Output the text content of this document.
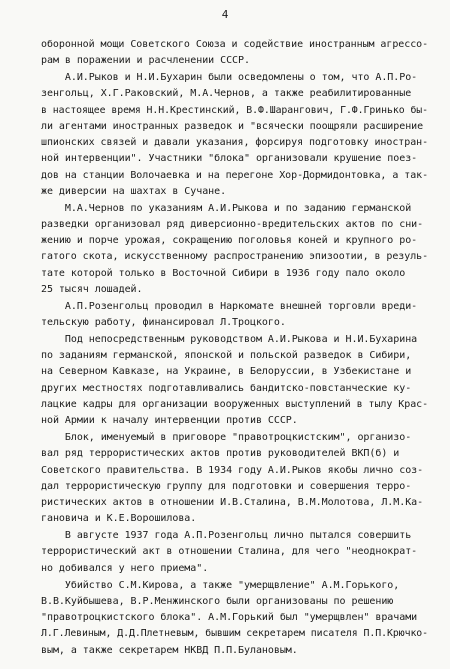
4
оборонной мощи Советского Союза и содействие иностранным агрессо-
рам в поражении и расчленении СССР.
А.И.Рыков и Н.И.Бухарин были осведомлены о том, что А.П.Ро-
зенгольц, Х.Г.Раковский, М.А.Чернов, а также реабилитированные
в настоящее время Н.Н.Крестинский, В.Ф.Шарангович, Г.Ф.Гринько бы-
ли агентами иностранных разведок и "всячески поощряли расширение
шпионских связей и давали указания, форсируя подготовку иностран-
ной интервенции". Участники "блока" организовали крушение поез-
дов на станции Волочаевка и на перегоне Хор-Дормидонтовка, а так-
же диверсии на шахтах в Сучане.
М.А.Чернов по указаниям А.И.Рыкова и по заданию германской
разведки организовал ряд диверсионно-вредительских актов по сни-
жению и порче урожая, сокращению поголовья коней и крупного ро-
гатого скота, искусственному распространению эпизоотии, в резуль-
тате которой только в Восточной Сибири в 1936 году пало около
25 тысяч лошадей.
А.П.Розенгольц проводил в Наркомате внешней торговли вреди-
тельскую работу, финансировал Л.Троцкого.
Под непосредственным руководством А.И.Рыкова и Н.И.Бухарина
по заданиям германской, японской и польской разведок в Сибири,
на Северном Кавказе, на Украине, в Белоруссии, в Узбекистане и
других местностях подготавливались бандитско-повстанческие ку-
лацкие кадры для организации вооруженных выступлений в тылу Крас-
ной Армии к началу интервенции против СССР.
Блок, именуемый в приговоре "правотроцкистским", организо-
вал ряд террористических актов против руководителей ВКП(б) и
Советского правительства. В 1934 году А.И.Рыков якобы лично соз-
дал террористическую группу для подготовки и совершения терро-
ристических актов в отношении И.В.Сталина, В.М.Молотова, Л.М.Ка-
гановича и К.Е.Ворошилова.
В августе 1937 года А.П.Розенгольц лично пытался совершить
террористический акт в отношении Сталина, для чего "неоднократ-
но добивался у него приема".
Убийство С.М.Кирова, а также "умерщвление" А.М.Горького,
В.В.Куйбышева, В.Р.Менжинского были организованы по решению
"правотроцкистского блока". А.М.Горький был "умерщвлен" врачами
Л.Г.Левиным, Д.Д.Плетневым, бывшим секретарем писателя П.П.Крючко-
вым, а также секретарем НКВД П.П.Булановым.
